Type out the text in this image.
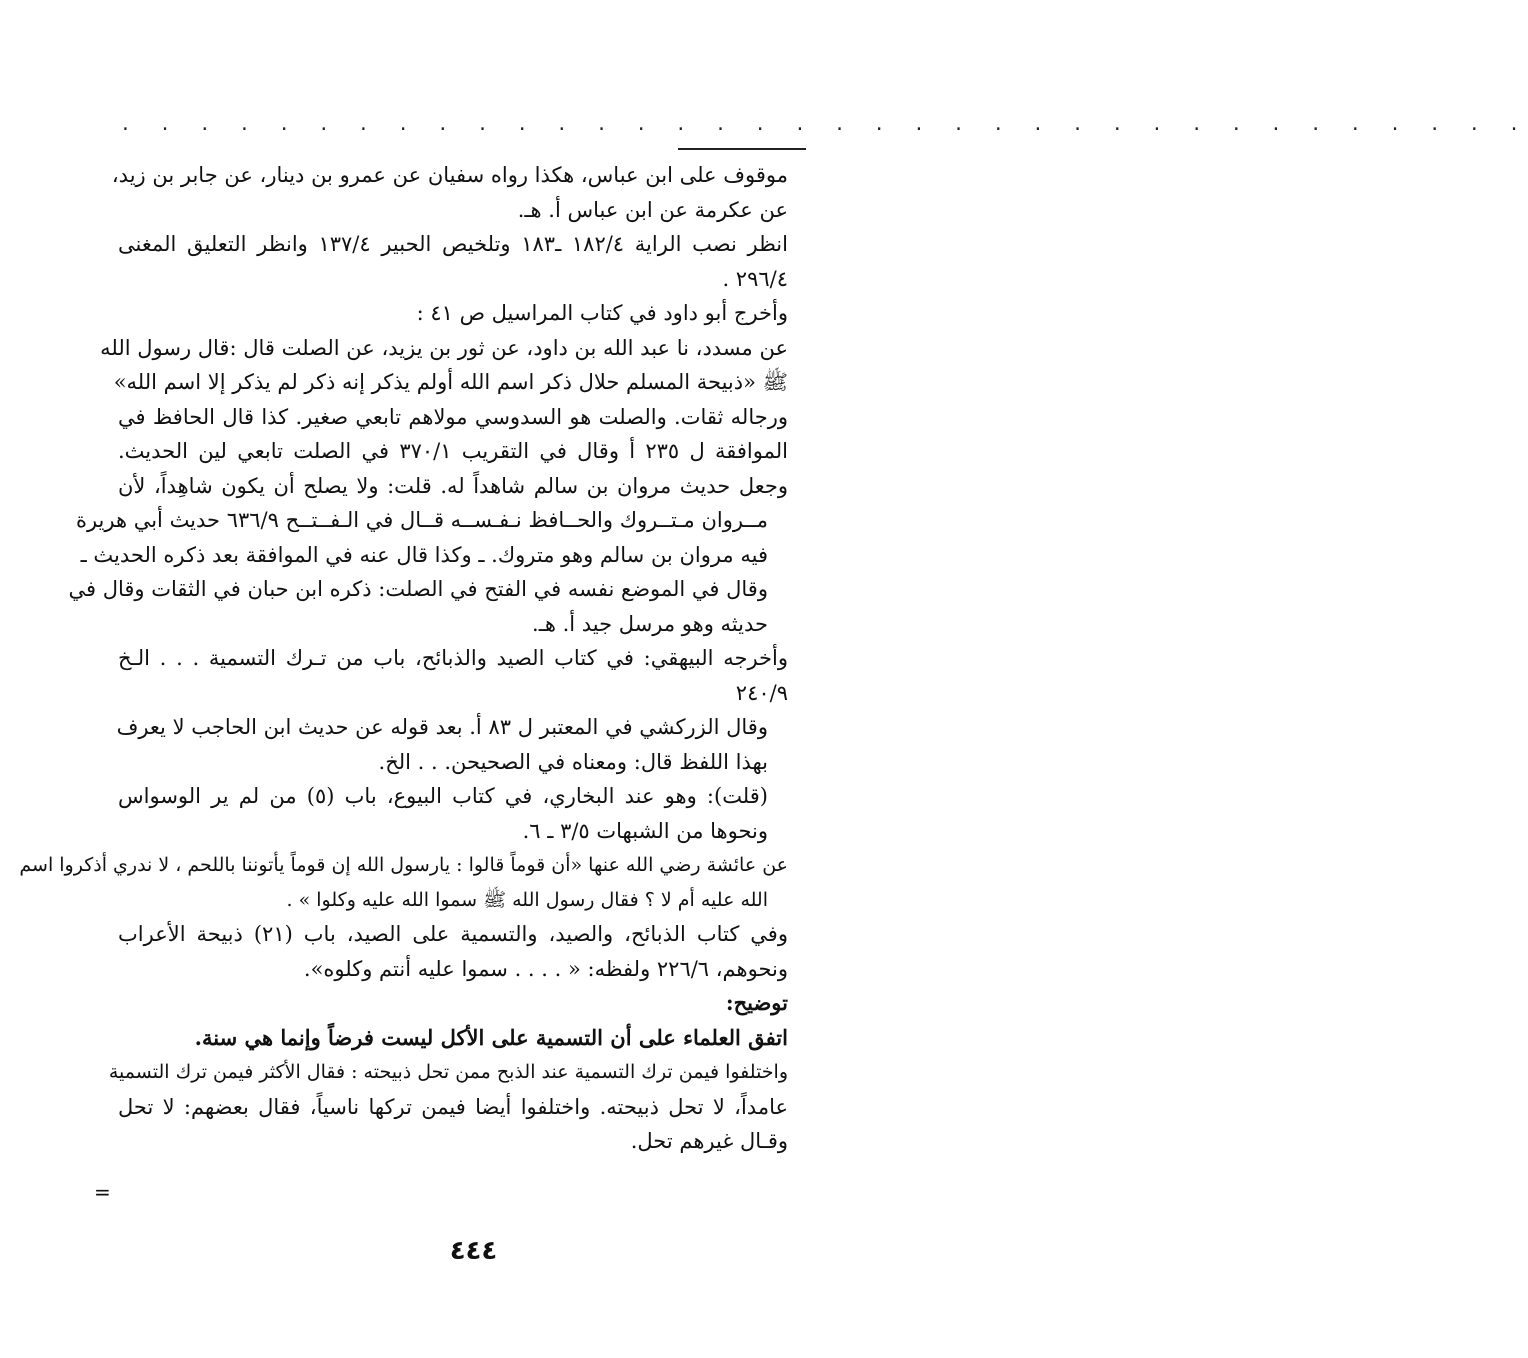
. . . . . . . . . . . . . . . . . . . . . . . . . . . . . . . . . . . .
موقوف على ابن عباس، هكذا رواه سفيان عن عمرو بن دينار، عن جابر بن زيد،
عن عكرمة عن ابن عباس أ. هـ.
انظر نصب الراية ١٨٢/٤ ـ١٨٣ وتلخيص الحبير ١٣٧/٤ وانظر التعليق المغنى
٢٩٦/٤ .
وأخرج أبو داود في كتاب المراسيل ص ٤١ :
عن مسدد، نا عبد الله بن داود، عن ثور بن يزيد، عن الصلت قال :قال رسول الله
ﷺ «ذبيحة المسلم حلال ذكر اسم الله أولم يذكر إنه ذكر لم يذكر إلا اسم الله»
ورجاله ثقات. والصلت هو السدوسي مولاهم تابعي صغير. كذا قال الحافظ في
الموافقة ل ٢٣٥ أ وقال في التقريب ٣٧٠/١ في الصلت تابعي لين الحديث.
وجعل حديث مروان بن سالم شاهداً له. قلت: ولا يصلح أن يكون شاهِداً، لأن
مــروان مـتــروك والحــافظ نـفـســه قــال في الـفــتــح ٦٣٦/٩ حديث أبي هريرة
فيه مروان بن سالم وهو متروك. ـ وكذا قال عنه في الموافقة بعد ذكره الحديث ـ
وقال في الموضع نفسه في الفتح في الصلت: ذكره ابن حبان في الثقات وقال في
حديثه وهو مرسل جيد أ. هـ.
وأخرجه البيهقي: في كتاب الصيد والذبائح، باب من تـرك التسمية . . . الـخ
٢٤٠/٩
وقال الزركشي في المعتبر ل ٨٣ أ. بعد قوله عن حديث ابن الحاجب لا يعرف
بهذا اللفظ قال: ومعناه في الصحيحن. . . الخ.
(قلت): وهو عند البخاري، في كتاب البيوع، باب (٥) من لم ير الوسواس
ونحوها من الشبهات ٣/٥ ـ ٦.
عن عائشة رضي الله عنها «أن قوماً قالوا : يارسول الله إن قوماً يأتوننا باللحم ، لا ندري أذكروا اسم
الله عليه أم لا ؟ فقال رسول الله ﷺ سموا الله عليه وكلوا » .
وفي كتاب الذبائح، والصيد، والتسمية على الصيد، باب (٢١) ذبيحة الأعراب
ونحوهم، ٢٢٦/٦ ولفظه: « . . . . سموا عليه أنتم وكلوه».
توضيح:
اتفق العلماء على أن التسمية على الأكل ليست فرضاً وإنما هي سنة.
واختلفوا فيمن ترك التسمية عند الذبح ممن تحل ذبيحته : فقال الأكثر فيمن ترك التسمية
عامداً، لا تحل ذبيحته. واختلفوا أيضا فيمن تركها ناسياً، فقال بعضهم: لا تحل
وقـال غيرهم تحل.
=
٤٤٤
